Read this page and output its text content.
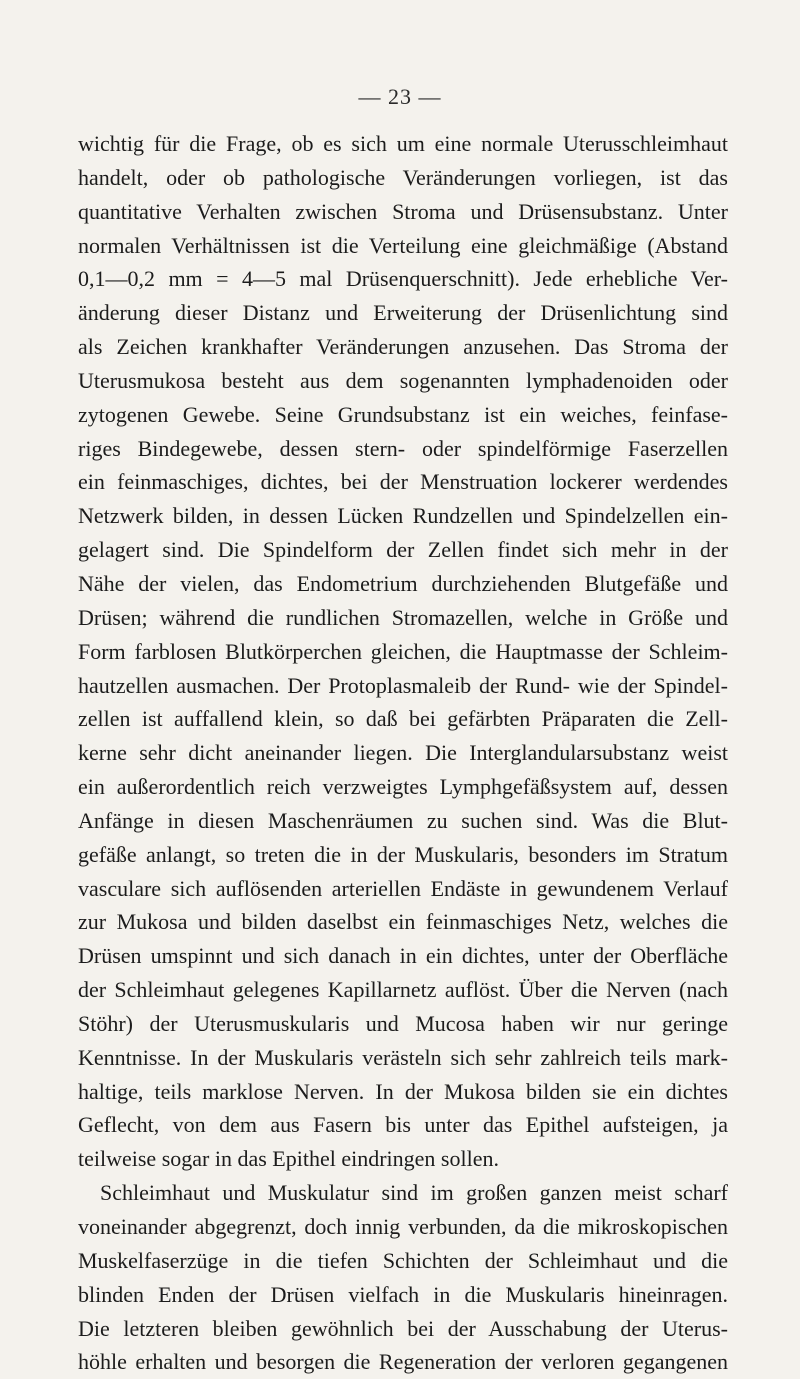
— 23 —
wichtig für die Frage, ob es sich um eine normale Uterusschleimhaut
handelt, oder ob pathologische Veränderungen vorliegen, ist das
quantitative Verhalten zwischen Stroma und Drüsensubstanz. Unter
normalen Verhältnissen ist die Verteilung eine gleichmäßige (Abstand
0,1—0,2 mm = 4—5 mal Drüsenquerschnitt). Jede erhebliche Ver-
änderung dieser Distanz und Erweiterung der Drüsenlichtung sind
als Zeichen krankhafter Veränderungen anzusehen. Das Stroma der
Uterusmukosa besteht aus dem sogenannten lymphadenoiden oder
zytogenen Gewebe. Seine Grundsubstanz ist ein weiches, feinfase-
riges Bindegewebe, dessen stern- oder spindelförmige Faserzellen
ein feinmaschiges, dichtes, bei der Menstruation lockerer werdendes
Netzwerk bilden, in dessen Lücken Rundzellen und Spindelzellen ein-
gelagert sind. Die Spindelform der Zellen findet sich mehr in der
Nähe der vielen, das Endometrium durchziehenden Blutgefäße und
Drüsen; während die rundlichen Stromazellen, welche in Größe und
Form farblosen Blutkörperchen gleichen, die Hauptmasse der Schleim-
hautzellen ausmachen. Der Protoplasmaleib der Rund- wie der Spindel-
zellen ist auffallend klein, so daß bei gefärbten Präparaten die Zell-
kerne sehr dicht aneinander liegen. Die Interglandularsubstanz weist
ein außerordentlich reich verzweigtes Lymphgefäßsystem auf, dessen
Anfänge in diesen Maschenräumen zu suchen sind. Was die Blut-
gefäße anlangt, so treten die in der Muskularis, besonders im Stratum
vasculare sich auflösenden arteriellen Endäste in gewundenem Verlauf
zur Mukosa und bilden daselbst ein feinmaschiges Netz, welches die
Drüsen umspinnt und sich danach in ein dichtes, unter der Oberfläche
der Schleimhaut gelegenes Kapillarnetz auflöst. Über die Nerven (nach
Stöhr) der Uterusmuskularis und Mucosa haben wir nur geringe
Kenntnisse. In der Muskularis verästeln sich sehr zahlreich teils mark-
haltige, teils marklose Nerven. In der Mukosa bilden sie ein dichtes
Geflecht, von dem aus Fasern bis unter das Epithel aufsteigen, ja
teilweise sogar in das Epithel eindringen sollen.
Schleimhaut und Muskulatur sind im großen ganzen meist scharf
voneinander abgegrenzt, doch innig verbunden, da die mikroskopischen
Muskelfaserzüge in die tiefen Schichten der Schleimhaut und die
blinden Enden der Drüsen vielfach in die Muskularis hineinragen.
Die letzteren bleiben gewöhnlich bei der Ausschabung der Uterus-
höhle erhalten und besorgen die Regeneration der verloren gegangenen
